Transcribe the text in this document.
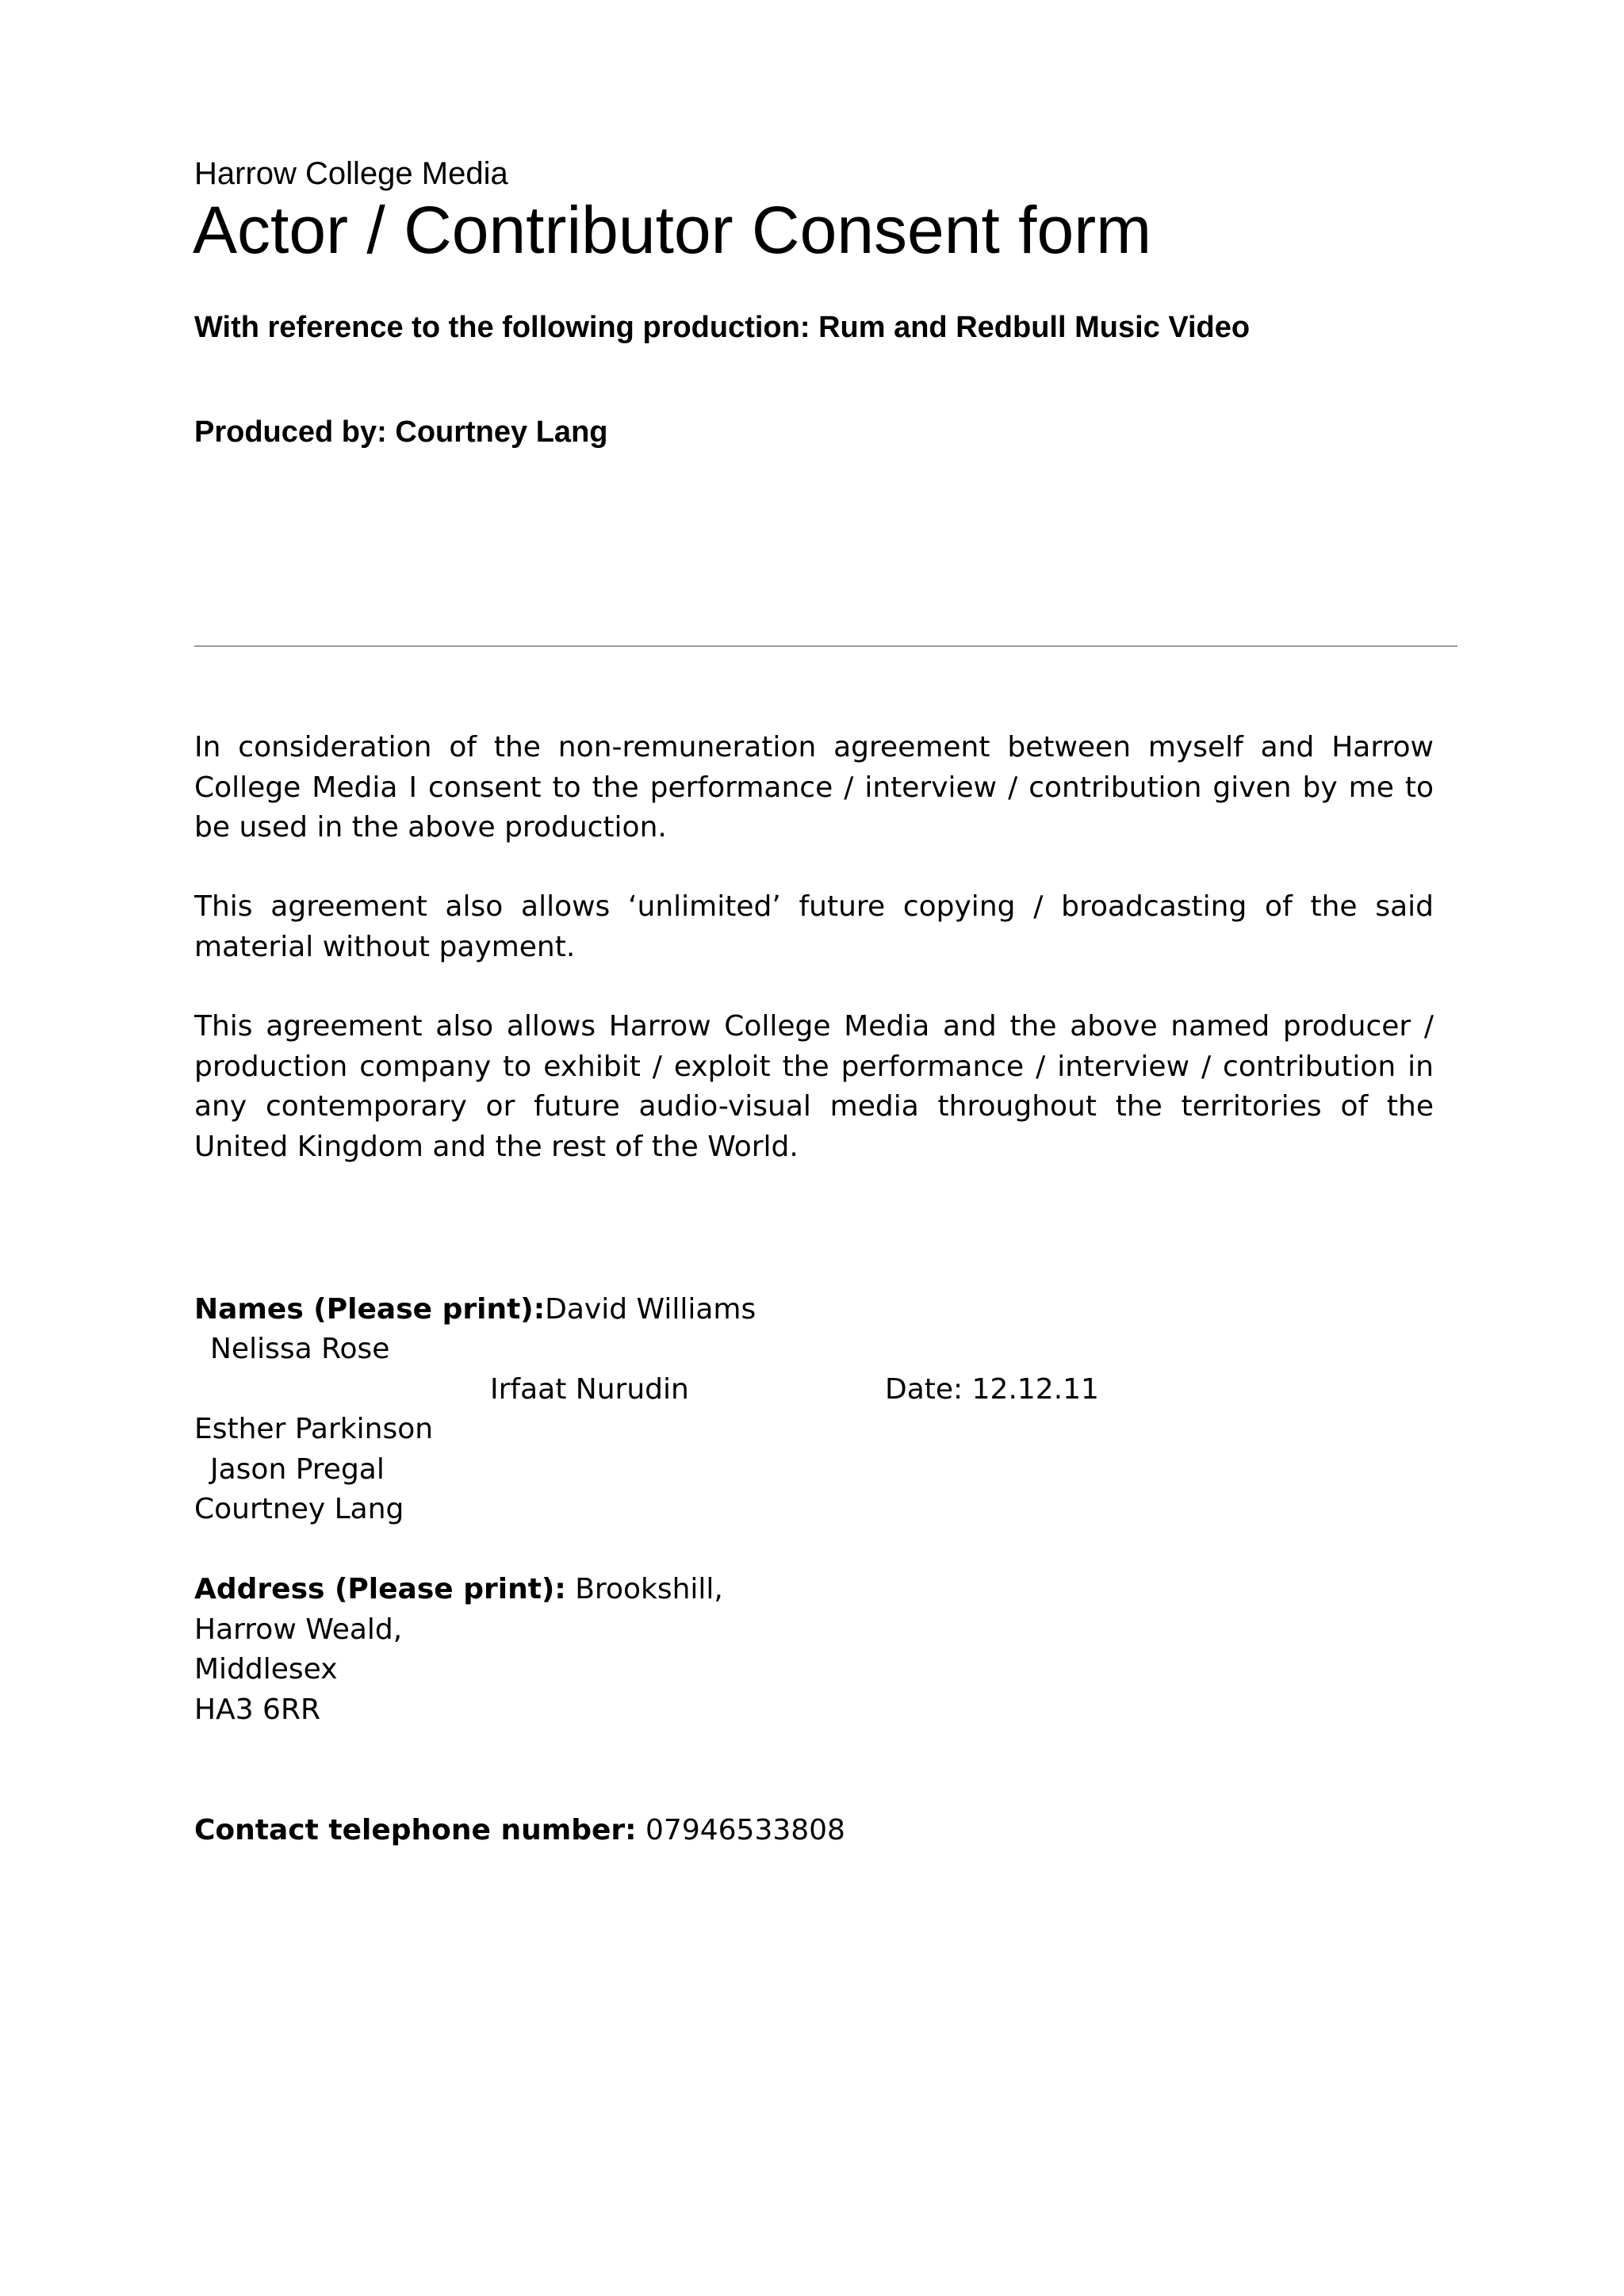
Harrow College Media
Actor / Contributor Consent form
With reference to the following production: Rum and Redbull Music Video
Produced by: Courtney Lang

In consideration of the non-remuneration agreement between myself and Harrow College Media I consent to the performance / interview / contribution given by me to be used in the above production.

This agreement also allows ‘unlimited’ future copying / broadcasting of the said material without payment.

This agreement also allows Harrow College Media and the above named producer / production company to exhibit / exploit the performance / interview / contribution in any contemporary or future audio-visual media throughout the territories of the United Kingdom and the rest of the World.

Names (Please print):David Williams
Nelissa Rose
Irfaat Nurudin	Date: 12.12.11
Esther Parkinson
Jason Pregal
Courtney Lang
Address (Please print): Brookshill,
Harrow Weald,
Middlesex
HA3 6RR
Contact telephone number: 07946533808
